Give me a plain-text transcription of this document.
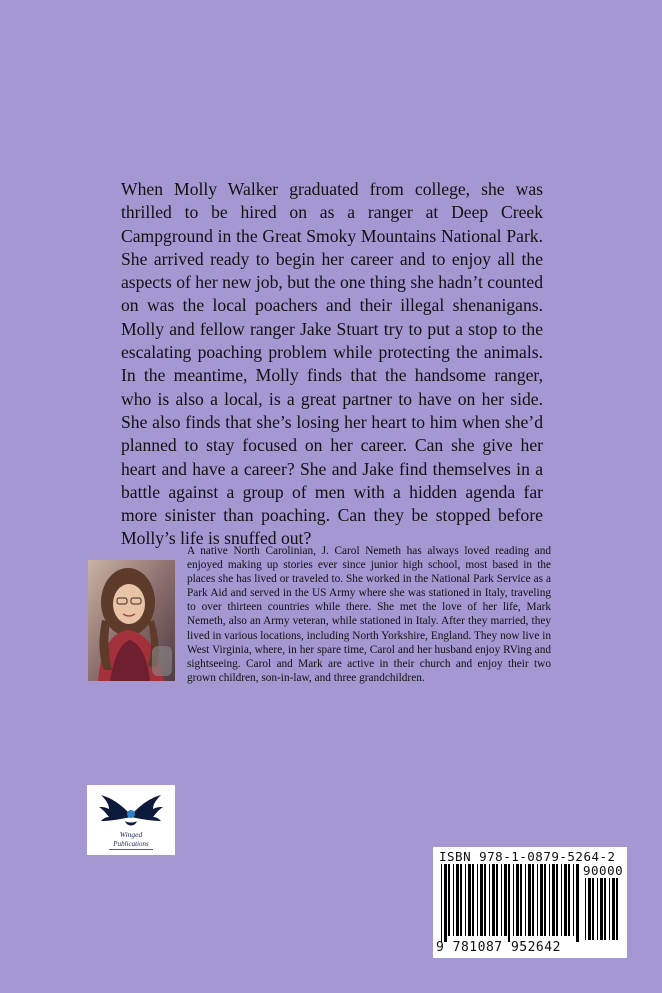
When Molly Walker graduated from college, she was thrilled to be hired on as a ranger at Deep Creek Campground in the Great Smoky Mountains National Park. She arrived ready to begin her career and to enjoy all the aspects of her new job, but the one thing she hadn’t counted on was the local poachers and their illegal shenanigans. Molly and fellow ranger Jake Stuart try to put a stop to the escalating poaching problem while protecting the animals. In the meantime, Molly finds that the handsome ranger, who is also a local, is a great partner to have on her side. She also finds that she’s losing her heart to him when she’d planned to stay focused on her career. Can she give her heart and have a career? She and Jake find themselves in a battle against a group of men with a hidden agenda far more sinister than poaching. Can they be stopped before Molly’s life is snuffed out?

A native North Carolinian, J. Carol Nemeth has always loved reading and enjoyed making up stories ever since junior high school, most based in the places she has lived or traveled to. She worked in the National Park Service as a Park Aid and served in the US Army where she was stationed in Italy, traveling to over thirteen countries while there. She met the love of her life, Mark Nemeth, also an Army veteran, while stationed in Italy. After they married, they lived in various locations, including North Yorkshire, England. They now live in West Virginia, where, in her spare time, Carol and her husband enjoy RVing and sightseeing. Carol and Mark are active in their church and enjoy their two grown children, son-in-law, and three grandchildren.

Winged
Publications
ISBN 978-1-0879-5264-2
90000
9 781087 952642
